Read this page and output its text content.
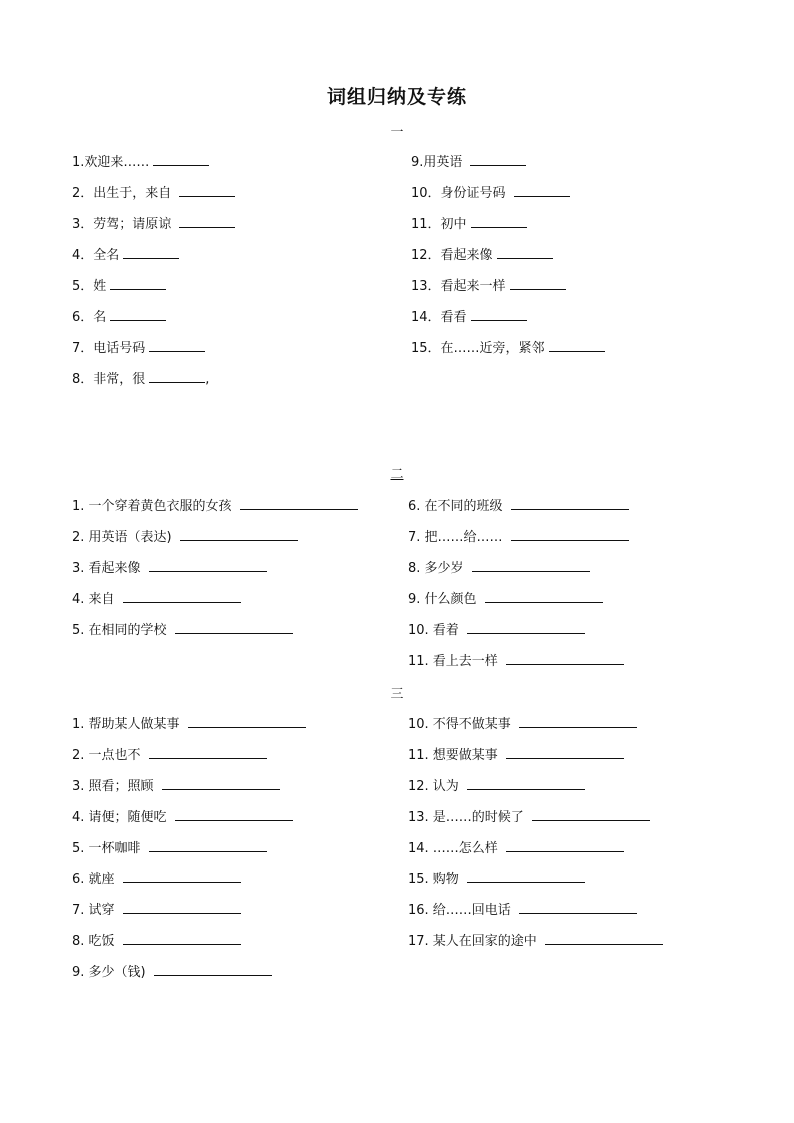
词组归纳及专练
一
1.欢迎来……
2．出生于，来自
3．劳驾；请原谅
4．全名
5．姓
6．名
7．电话号码
8．非常，很	,
9.用英语
10．身份证号码
11．初中
12．看起来像
13．看起来一样
14．看看
15．在……近旁，紧邻
二
1. 一个穿着黄色衣服的女孩
2. 用英语（表达)
3. 看起来像
4. 来自
5. 在相同的学校
6. 在不同的班级
7. 把……给……
8. 多少岁
9. 什么颜色
10. 看着
11. 看上去一样
三
1. 帮助某人做某事
2. 一点也不
3. 照看；照顾
4. 请便；随便吃
5. 一杯咖啡
6. 就座
7. 试穿
8. 吃饭
9. 多少（钱)
10. 不得不做某事
11. 想要做某事
12. 认为
13. 是……的时候了
14. ……怎么样
15. 购物
16. 给……回电话
17. 某人在回家的途中
